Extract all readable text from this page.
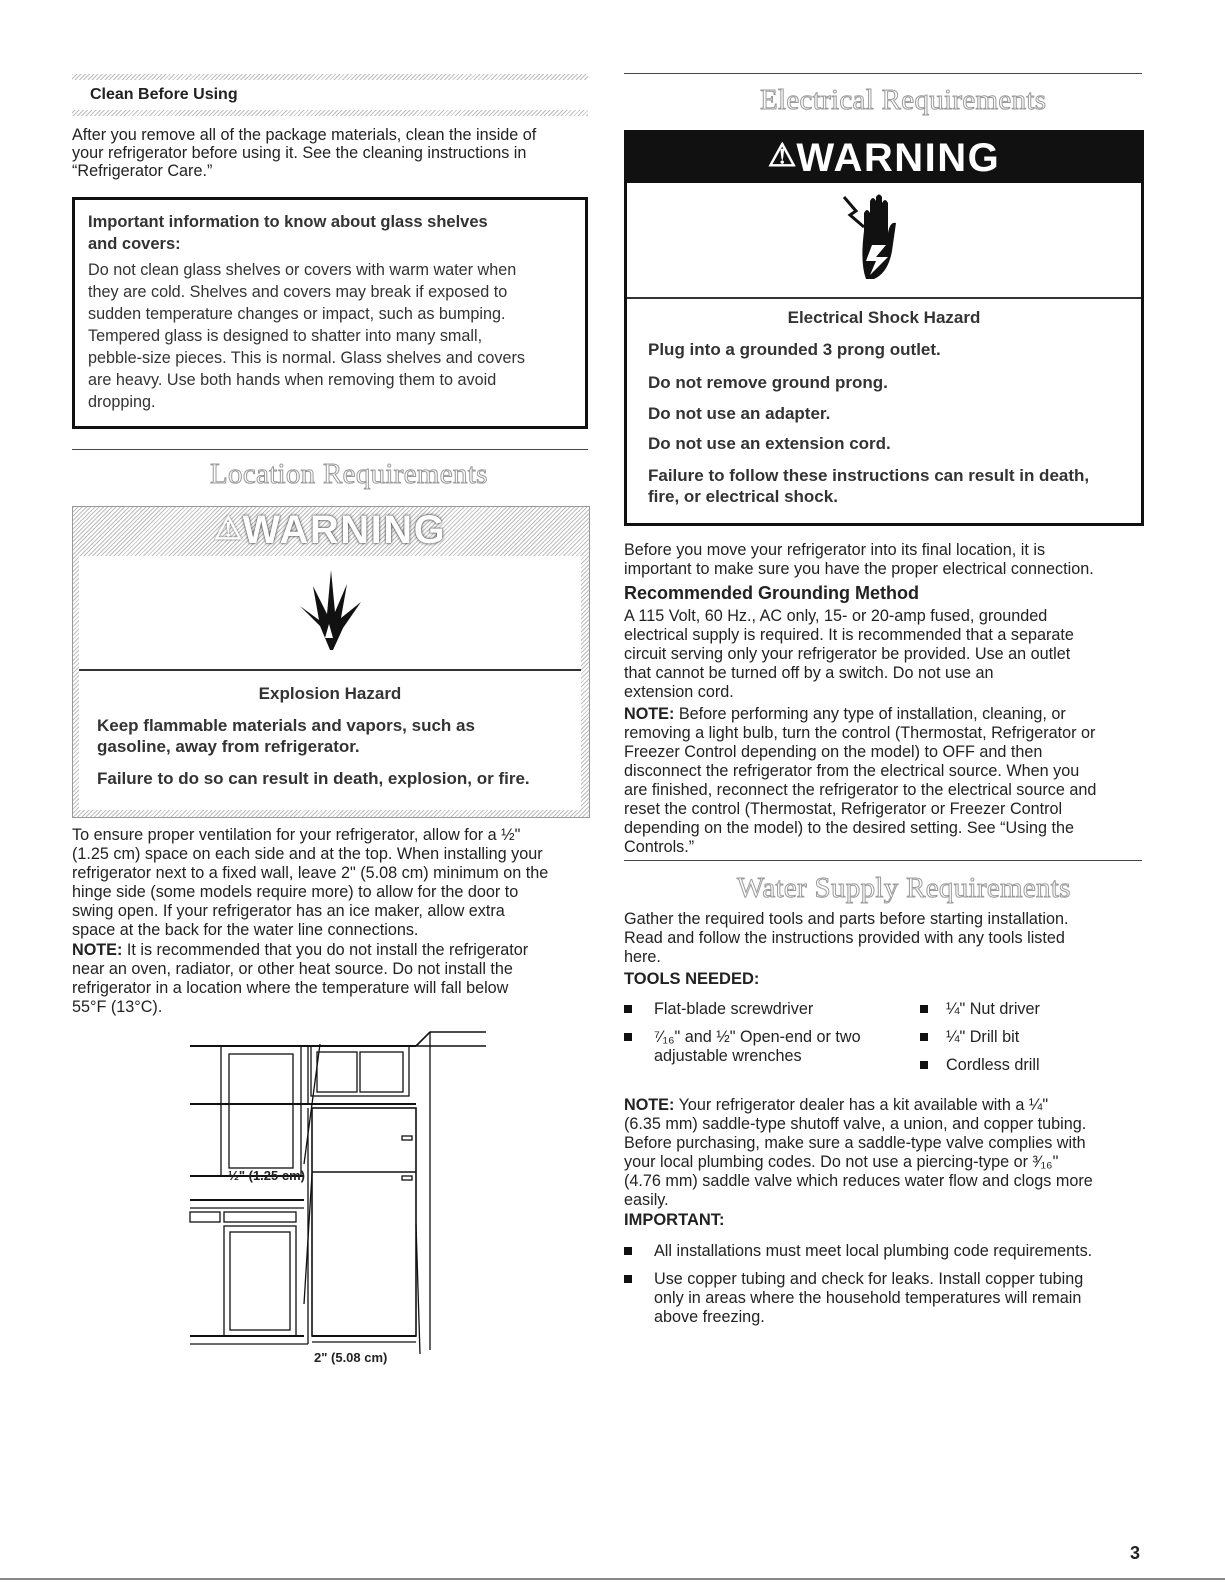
Clean Before Using

After you remove all of the package materials, clean the inside of

your refrigerator before using it. See the cleaning instructions in

“Refrigerator Care.”

Important information to know about glass shelves
and covers:
Do not clean glass shelves or covers with warm water when
they are cold. Shelves and covers may break if exposed to
sudden temperature changes or impact, such as bumping.
Tempered glass is designed to shatter into many small,
pebble-size pieces. This is normal. Glass shelves and covers
are heavy. Use both hands when removing them to avoid
dropping.
Location Requirements
⚠WARNING
Explosion Hazard
Keep flammable materials and vapors, such as
gasoline, away from refrigerator.
Failure to do so can result in death, explosion, or fire.

To ensure proper ventilation for your refrigerator, allow for a ½"

(1.25 cm) space on each side and at the top. When installing your

refrigerator next to a fixed wall, leave 2" (5.08 cm) minimum on the

hinge side (some models require more) to allow for the door to

swing open. If your refrigerator has an ice maker, allow extra

space at the back for the water line connections.

NOTE: It is recommended that you do not install the refrigerator

near an oven, radiator, or other heat source. Do not install the

refrigerator in a location where the temperature will fall below

55°F (13°C).

½" (1.25 cm)
2" (5.08 cm)
Electrical Requirements
⚠WARNING
Electrical Shock Hazard
Plug into a grounded 3 prong outlet.
Do not remove ground prong.
Do not use an adapter.
Do not use an extension cord.
Failure to follow these instructions can result in death,
fire, or electrical shock.

Before you move your refrigerator into its final location, it is

important to make sure you have the proper electrical connection.

Recommended Grounding Method

A 115 Volt, 60 Hz., AC only, 15- or 20-amp fused, grounded

electrical supply is required. It is recommended that a separate

circuit serving only your refrigerator be provided. Use an outlet

that cannot be turned off by a switch. Do not use an

extension cord.

NOTE: Before performing any type of installation, cleaning, or

removing a light bulb, turn the control (Thermostat, Refrigerator or

Freezer Control depending on the model) to OFF and then

disconnect the refrigerator from the electrical source. When you

are finished, reconnect the refrigerator to the electrical source and

reset the control (Thermostat, Refrigerator or Freezer Control

depending on the model) to the desired setting. See “Using the

Controls.”

Water Supply Requirements

Gather the required tools and parts before starting installation.

Read and follow the instructions provided with any tools listed

here.

TOOLS NEEDED:

Flat-blade screwdriver

⁷⁄₁₆" and ½" Open-end or two

adjustable wrenches

¼" Nut driver

¼" Drill bit

Cordless drill

NOTE: Your refrigerator dealer has a kit available with a ¼"

(6.35 mm) saddle-type shutoff valve, a union, and copper tubing.

Before purchasing, make sure a saddle-type valve complies with

your local plumbing codes. Do not use a piercing-type or ³⁄₁₆"

(4.76 mm) saddle valve which reduces water flow and clogs more

easily.

IMPORTANT:

All installations must meet local plumbing code requirements.

Use copper tubing and check for leaks. Install copper tubing

only in areas where the household temperatures will remain

above freezing.

3
